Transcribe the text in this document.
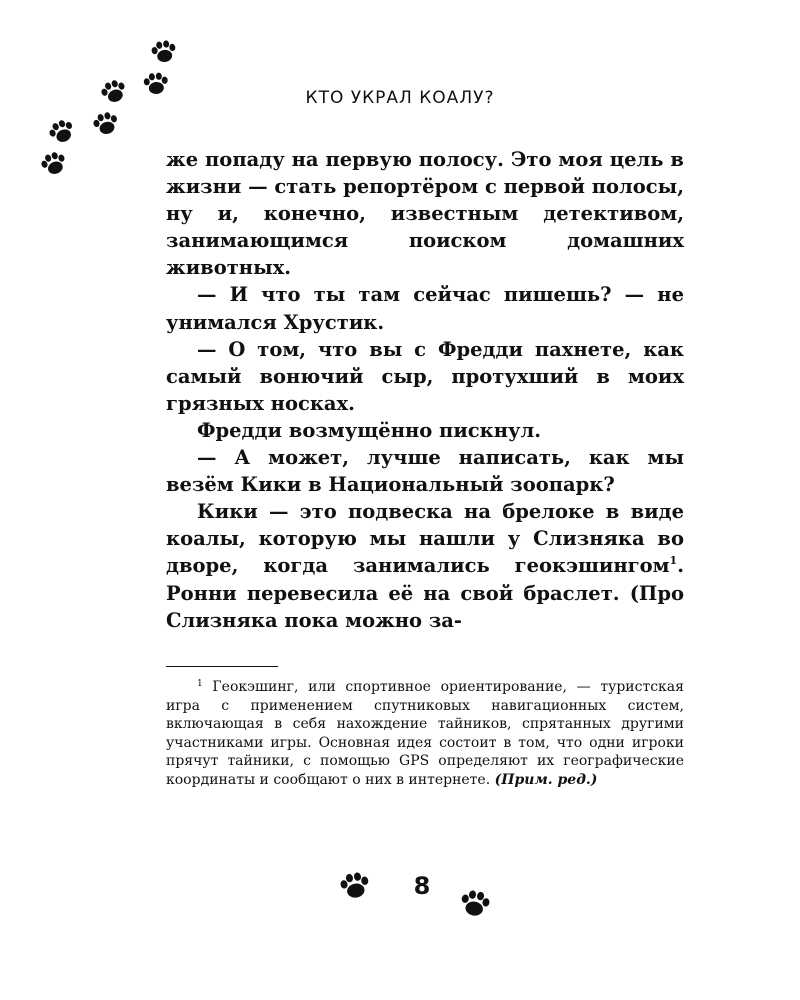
КТО УКРАЛ КОАЛУ?

же попаду на первую полосу. Это моя цель в жизни — стать репортёром с первой полосы, ну и, конечно, известным детективом, занимающимся поиском домашних животных.

— И что ты там сейчас пишешь? — не унимался Хрустик.

— О том, что вы с Фредди пахнете, как самый вонючий сыр, протухший в моих грязных носках.

Фредди возмущённо пискнул.

— А может, лучше написать, как мы везём Кики в Национальный зоопарк?

Кики — это подвеска на брелоке в виде коалы, которую мы нашли у Слизняка во дворе, когда занимались геокэшингом$^1$. Ронни перевесила её на свой браслет. (Про Слизняка пока можно за-

$^1$ Геокэшинг, или спортивное ориентирование, — туристская игра с применением спутниковых навигационных систем, включающая в себя нахождение тайников, спрятанных другими участниками игры. Основная идея состоит в том, что одни игроки прячут тайники, с помощью GPS определяют их географические координаты и сообщают о них в интернете. (Прим. ред.)

8
